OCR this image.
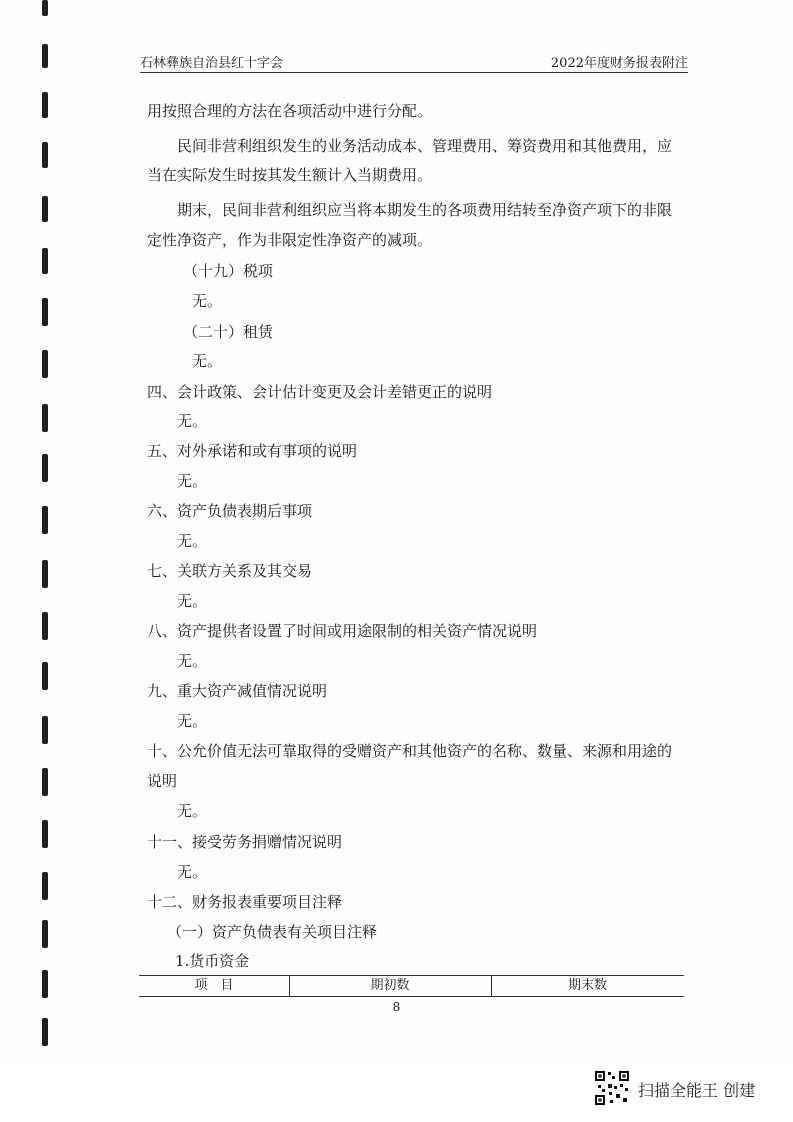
石林彝族自治县红十字会	2022年度财务报表附注
用按照合理的方法在各项活动中进行分配。
民间非营利组织发生的业务活动成本、管理费用、筹资费用和其他费用，应
当在实际发生时按其发生额计入当期费用。
期末，民间非营利组织应当将本期发生的各项费用结转至净资产项下的非限
定性净资产，作为非限定性净资产的减项。
（十九）税项
无。
（二十）租赁
无。
四、会计政策、会计估计变更及会计差错更正的说明
无。
五、对外承诺和或有事项的说明
无。
六、资产负债表期后事项
无。
七、关联方关系及其交易
无。
八、资产提供者设置了时间或用途限制的相关资产情况说明
无。
九、重大资产减值情况说明
无。
十、公允价值无法可靠取得的受赠资产和其他资产的名称、数量、来源和用途的
说明
无。
十一、接受劳务捐赠情况说明
无。
十二、财务报表重要项目注释
（一）资产负债表有关项目注释
1.货币资金
项　目	期初数	期末数
8
扫描全能王 创建
